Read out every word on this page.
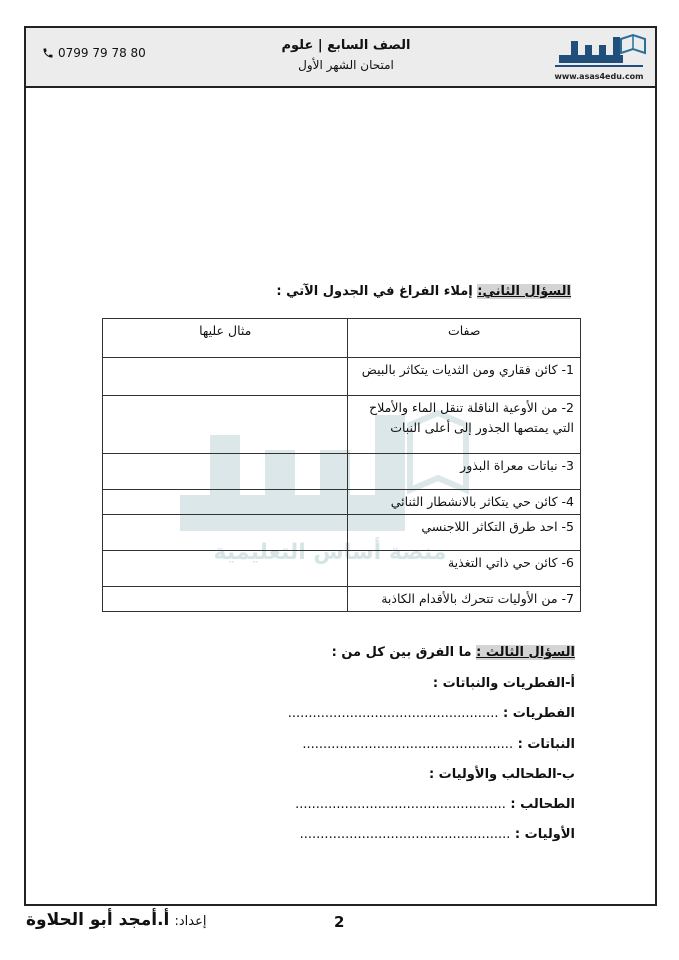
0799 79 78 80	الصف السابع | علوم
امتحان الشهر الأول
www.asas4edu.com
منصة أساس التعليمية
السؤال الثاني: إملاء الفراغ في الجدول الآتي :
صفات	مثال عليها
1- كائن فقاري ومن الثديات يتكاثر بالبيض	
2- من الأوعية الناقلة تنقل الماء والأملاح التي يمتصها الجذور إلى أعلى النبات	
3- نباتات معراة البذور	
4- كائن حي يتكاثر بالانشطار الثنائي	
5- احد طرق التكاثر اللاجنسي	
6- كائن حي ذاتي التغذية	
7- من الأوليات تتحرك بالأقدام الكاذبة	
السؤال الثالث : ما الفرق بين كل من :
أ-الفطريات والنباتات :
الفطريات : ...................................................
النباتات : ...................................................
ب-الطحالب والأوليات :
الطحالب : ...................................................
الأوليات : ...................................................
2
إعداد: أ.أمجد أبو الحلاوة
